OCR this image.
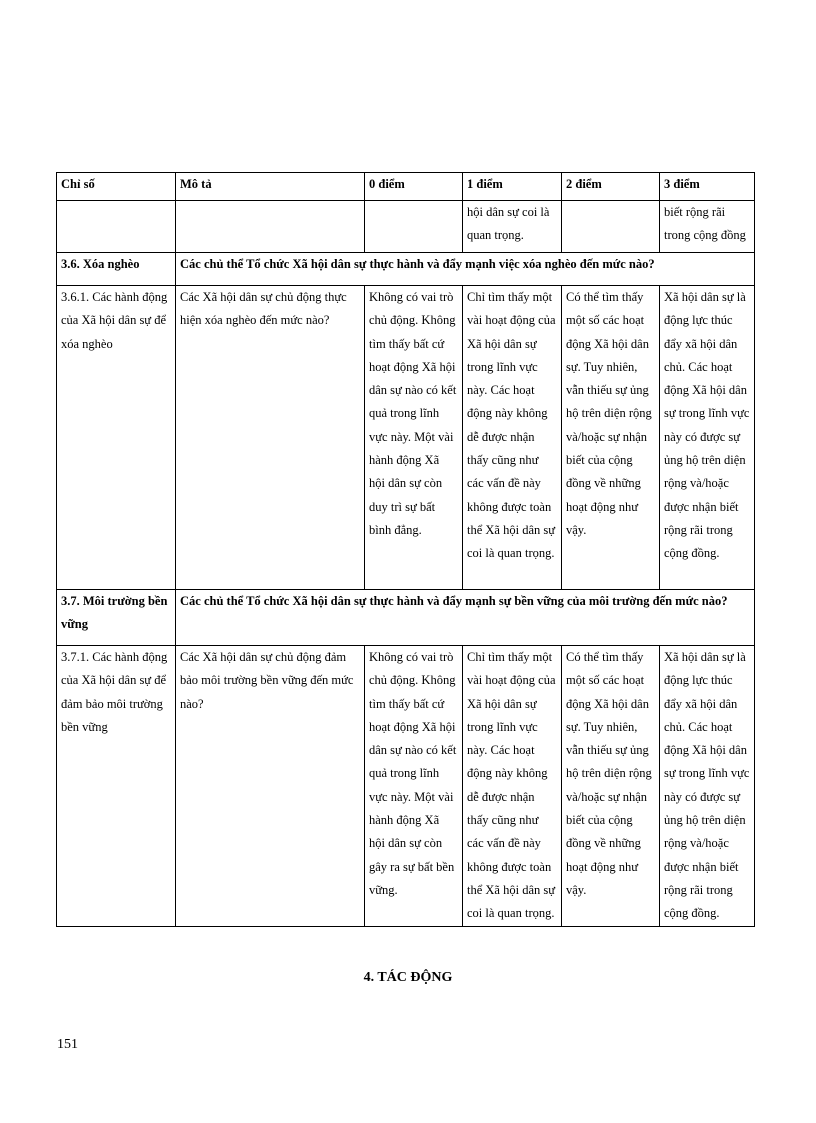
Chỉ số	Mô tả	0 điểm	1 điểm	2 điểm	3 điểm
			hội dân sự coi là quan trọng.		biết rộng rãi trong cộng đồng
3.6. Xóa nghèo	Các chủ thể Tổ chức Xã hội dân sự thực hành và đẩy mạnh việc xóa nghèo đến mức nào?				
3.6.1. Các hành động của Xã hội dân sự để xóa nghèo	Các Xã hội dân sự chủ động thực hiện xóa nghèo đến mức nào?	Không có vai trò chủ động. Không tìm thấy bất cứ hoạt động Xã hội dân sự nào có kết quả trong lĩnh vực này. Một vài hành động Xã hội dân sự còn duy trì sự bất bình đẳng.	Chỉ tìm thấy một vài hoạt động của Xã hội dân sự trong lĩnh vực này. Các hoạt động này không dễ được nhận thấy cũng như các vấn đề này không được toàn thể Xã hội dân sự coi là quan trọng.	Có thể tìm thấy một số các hoạt động Xã hội dân sự. Tuy nhiên, vẫn thiếu sự ủng hộ trên diện rộng và/hoặc sự nhận biết của cộng đồng về những hoạt động như vậy.	Xã hội dân sự là động lực thúc đẩy xã hội dân chủ. Các hoạt động Xã hội dân sự trong lĩnh vực này có được sự ủng hộ trên diện rộng và/hoặc được nhận biết rộng rãi trong cộng đồng.
3.7. Môi trường bền vững	Các chủ thể Tổ chức Xã hội dân sự thực hành và đẩy mạnh sự bền vững của môi trường đến mức nào?				
3.7.1. Các hành động của Xã hội dân sự để đảm bảo môi trường bền vững	Các Xã hội dân sự chủ động đảm bảo môi trường bền vững đến mức nào?	Không có vai trò chủ động. Không tìm thấy bất cứ hoạt động Xã hội dân sự nào có kết quả trong lĩnh vực này. Một vài hành động Xã hội dân sự còn gây ra sự bất bền vững.	Chỉ tìm thấy một vài hoạt động của Xã hội dân sự trong lĩnh vực này. Các hoạt động này không dễ được nhận thấy cũng như các vấn đề này không được toàn thể Xã hội dân sự coi là quan trọng.	Có thể tìm thấy một số các hoạt động Xã hội dân sự. Tuy nhiên, vẫn thiếu sự ủng hộ trên diện rộng và/hoặc sự nhận biết của cộng đồng về những hoạt động như vậy.	Xã hội dân sự là động lực thúc đẩy xã hội dân chủ. Các hoạt động Xã hội dân sự trong lĩnh vực này có được sự ủng hộ trên diện rộng và/hoặc được nhận biết rộng rãi trong cộng đồng.
4. TÁC ĐỘNG
151
